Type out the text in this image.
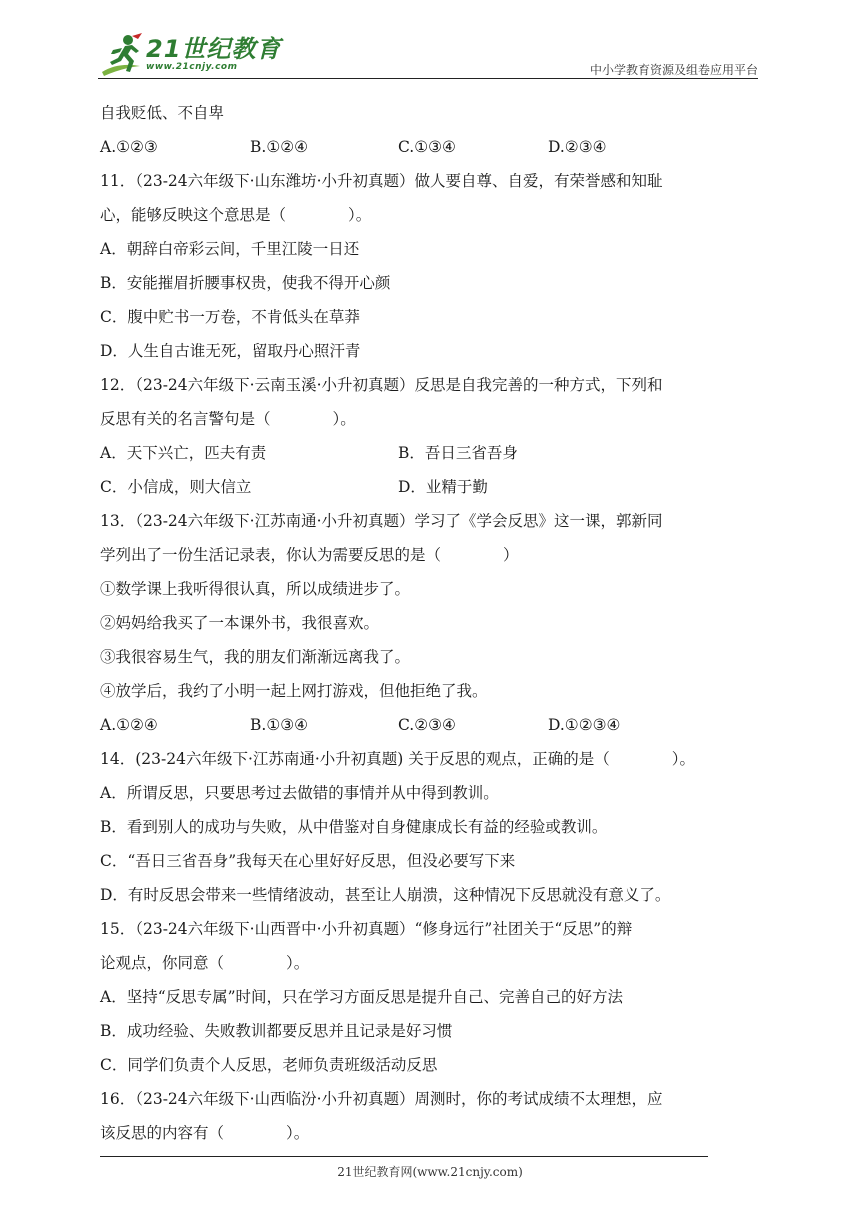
21世纪教育
www.21cnjy.com	中小学教育资源及组卷应用平台
自我贬低、不自卑
A.①②③	B.①②④	C.①③④	D.②③④
11．（23-24六年级下·山东潍坊·小升初真题）做人要自尊、自爱，有荣誉感和知耻
心，能够反映这个意思是（　　　　）。
A．朝辞白帝彩云间，千里江陵一日还
B．安能摧眉折腰事权贵，使我不得开心颜
C．腹中贮书一万卷，不肯低头在草莽
D．人生自古谁无死，留取丹心照汗青
12．（23-24六年级下·云南玉溪·小升初真题）反思是自我完善的一种方式，下列和
反思有关的名言警句是（　　　　）。
A．天下兴亡，匹夫有责	B．吾日三省吾身
C．小信成，则大信立	D．业精于勤
13．（23-24六年级下·江苏南通·小升初真题）学习了《学会反思》这一课，郭新同
学列出了一份生活记录表，你认为需要反思的是（　　　　）
①数学课上我听得很认真，所以成绩进步了。
②妈妈给我买了一本课外书，我很喜欢。
③我很容易生气，我的朋友们渐渐远离我了。
④放学后，我约了小明一起上网打游戏，但他拒绝了我。
A.①②④	B.①③④	C.②③④	D.①②③④
14．(23-24六年级下·江苏南通·小升初真题) 关于反思的观点，正确的是（　　　　）。
A．所谓反思，只要思考过去做错的事情并从中得到教训。
B．看到别人的成功与失败，从中借鉴对自身健康成长有益的经验或教训。
C．“吾日三省吾身”我每天在心里好好反思，但没必要写下来
D．有时反思会带来一些情绪波动，甚至让人崩溃，这种情况下反思就没有意义了。
15．（23-24六年级下·山西晋中·小升初真题）“修身远行”社团关于“反思”的辩
论观点，你同意（　　　　）。
A．坚持“反思专属”时间，只在学习方面反思是提升自己、完善自己的好方法
B．成功经验、失败教训都要反思并且记录是好习惯
C．同学们负责个人反思，老师负责班级活动反思
16．（23-24六年级下·山西临汾·小升初真题）周测时，你的考试成绩不太理想，应
该反思的内容有（　　　　）。
21世纪教育网(www.21cnjy.com)
